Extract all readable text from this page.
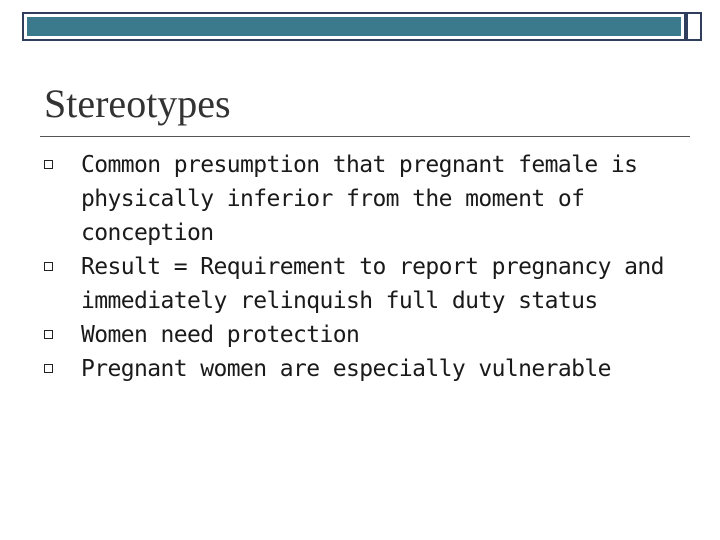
Stereotypes
Common presumption that pregnant female is physically inferior from the moment of conception
Result = Requirement to report pregnancy and immediately relinquish full duty status
Women need protection
Pregnant women are especially vulnerable
